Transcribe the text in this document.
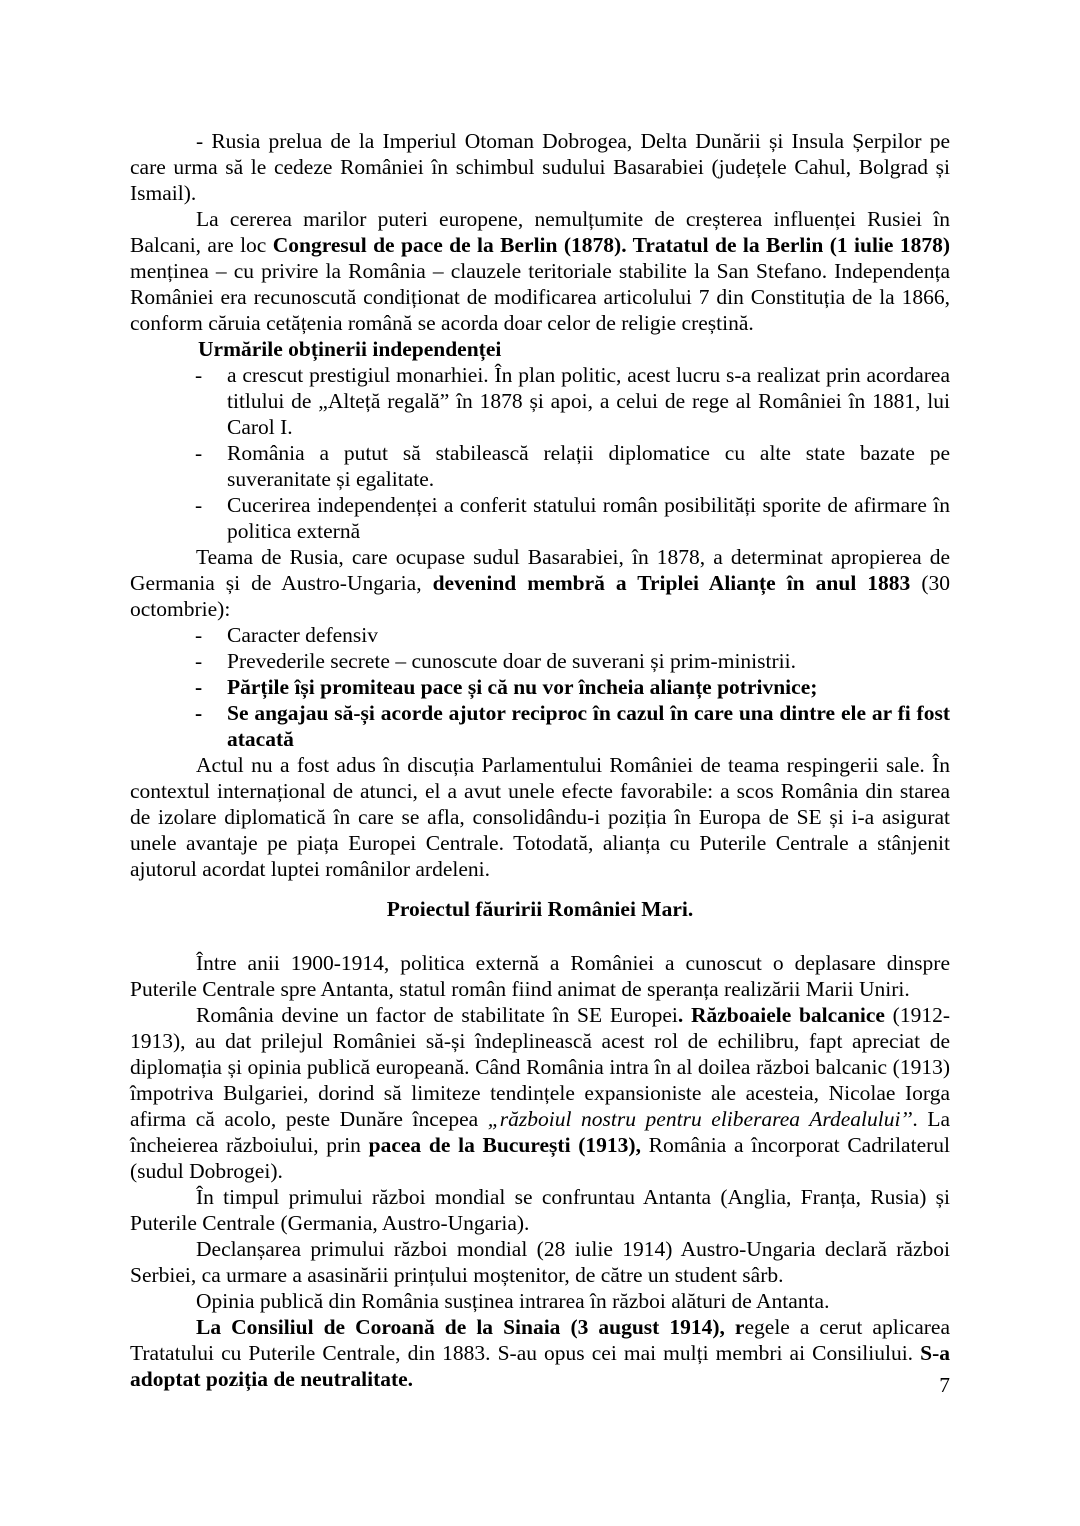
- Rusia prelua de la Imperiul Otoman Dobrogea, Delta Dunării și Insula Șerpilor pe care urma să le cedeze României în schimbul sudului Basarabiei (județele Cahul, Bolgrad și Ismail).

La cererea marilor puteri europene, nemulțumite de creșterea influenței Rusiei în Balcani, are loc Congresul de pace de la Berlin (1878). Tratatul de la Berlin (1 iulie 1878) menținea – cu privire la România – clauzele teritoriale stabilite la San Stefano. Independența României era recunoscută condiționat de modificarea articolului 7 din Constituția de la 1866, conform căruia cetățenia română se acorda doar celor de religie creștină.

Urmările obținerii independenței

- a crescut prestigiul monarhiei. În plan politic, acest lucru s-a realizat prin acordarea titlului de „Alteță regală” în 1878 și apoi, a celui de rege al României în 1881, lui Carol I.
- România a putut să stabilească relații diplomatice cu alte state bazate pe suveranitate și egalitate.
- Cucerirea independenței a conferit statului român posibilități sporite de afirmare în politica externă

Teama de Rusia, care ocupase sudul Basarabiei, în 1878, a determinat apropierea de Germania și de Austro-Ungaria, devenind membră a Triplei Alianțe în anul 1883 (30 octombrie):

- Caracter defensiv
- Prevederile secrete – cunoscute doar de suverani și prim-ministrii.
- Părțile își promiteau pace și că nu vor încheia alianțe potrivnice;
- Se angajau să-și acorde ajutor reciproc în cazul în care una dintre ele ar fi fost atacată

Actul nu a fost adus în discuția Parlamentului României de teama respingerii sale. În contextul internațional de atunci, el a avut unele efecte favorabile: a scos România din starea de izolare diplomatică în care se afla, consolidându-i poziția în Europa de SE și i-a asigurat unele avantaje pe piața Europei Centrale. Totodată, alianța cu Puterile Centrale a stânjenit ajutorul acordat luptei românilor ardeleni.

Proiectul făuririi României Mari.

Între anii 1900-1914, politica externă a României a cunoscut o deplasare dinspre Puterile Centrale spre Antanta, statul român fiind animat de speranța realizării Marii Uniri.

România devine un factor de stabilitate în SE Europei. Războaiele balcanice (1912-1913), au dat prilejul României să-și îndeplinească acest rol de echilibru, fapt apreciat de diplomația și opinia publică europeană. Când România intra în al doilea război balcanic (1913) împotriva Bulgariei, dorind să limiteze tendințele expansioniste ale acesteia, Nicolae Iorga afirma că acolo, peste Dunăre începea „războiul nostru pentru eliberarea Ardealului’’. La încheierea războiului, prin pacea de la București (1913), România a încorporat Cadrilaterul (sudul Dobrogei).

În timpul primului război mondial se confruntau Antanta (Anglia, Franța, Rusia) și Puterile Centrale (Germania, Austro-Ungaria).

Declanșarea primului război mondial (28 iulie 1914) Austro-Ungaria declară război Serbiei, ca urmare a asasinării prințului moștenitor, de către un student sârb.

Opinia publică din România susținea intrarea în război alături de Antanta.

La Consiliul de Coroană de la Sinaia (3 august 1914), regele a cerut aplicarea Tratatului cu Puterile Centrale, din 1883. S-au opus cei mai mulți membri ai Consiliului. S-a adoptat poziția de neutralitate.	7
